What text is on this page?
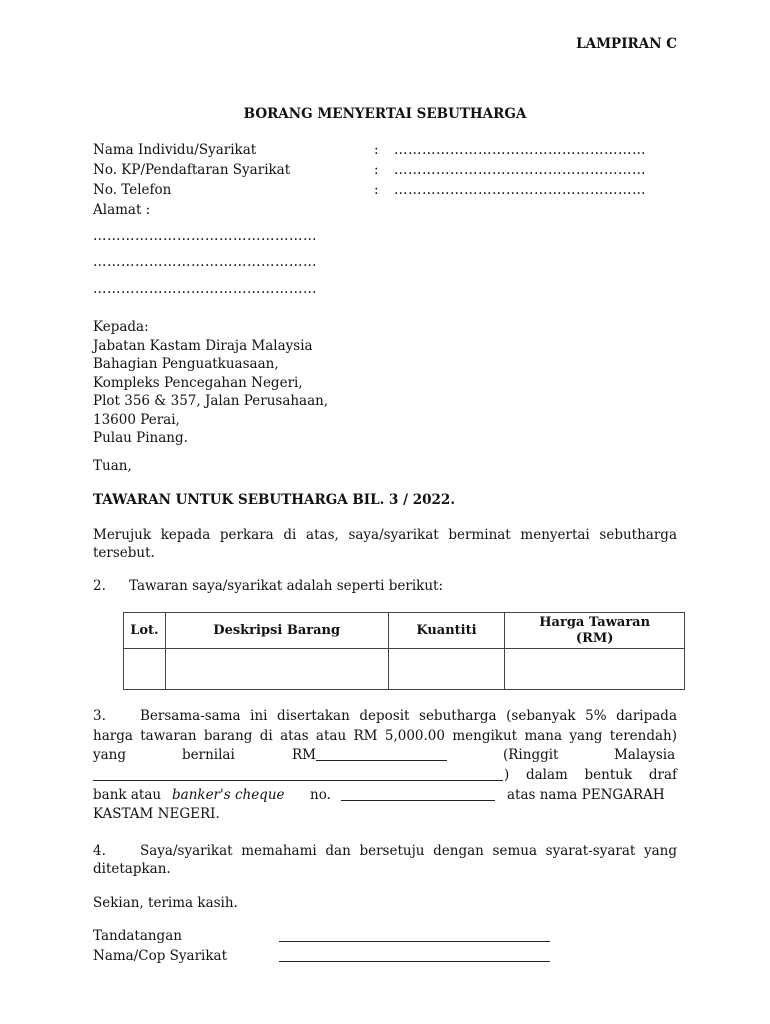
LAMPIRAN C
BORANG MENYERTAI SEBUTHARGA
Nama Individu/Syarikat	: ………………………………………………
No. KP/Pendaftaran Syarikat	: ………………………………………………
No. Telefon	: ………………………………………………
Alamat :
…………………………………………
…………………………………………
…………………………………………
Kepada:
Jabatan Kastam Diraja Malaysia
Bahagian Penguatkuasaan,
Kompleks Pencegahan Negeri,
Plot 356 & 357, Jalan Perusahaan,
13600 Perai,
Pulau Pinang.
Tuan,
TAWARAN UNTUK SEBUTHARGA BIL. 3 / 2022.
Merujuk kepada perkara di atas, saya/syarikat berminat menyertai sebutharga tersebut.
2. Tawaran saya/syarikat adalah seperti berikut:
Lot.	Deskripsi Barang	Kuantiti	Harga Tawaran (RM)

3.	Bersama-sama ini disertakan deposit sebutharga (sebanyak 5% daripada
harga tawaran barang di atas atau RM 5,000.00 mengikut mana yang terendah)
yang	bernilai	RM	(Ringgit	Malaysia
) dalam bentuk draf
bank atau banker's cheque no.	atas nama PENGARAH
KASTAM NEGERI.
4.	Saya/syarikat memahami dan bersetuju dengan semua syarat-syarat yang
ditetapkan.
Sekian, terima kasih.
Tandatangan
Nama/Cop Syarikat
